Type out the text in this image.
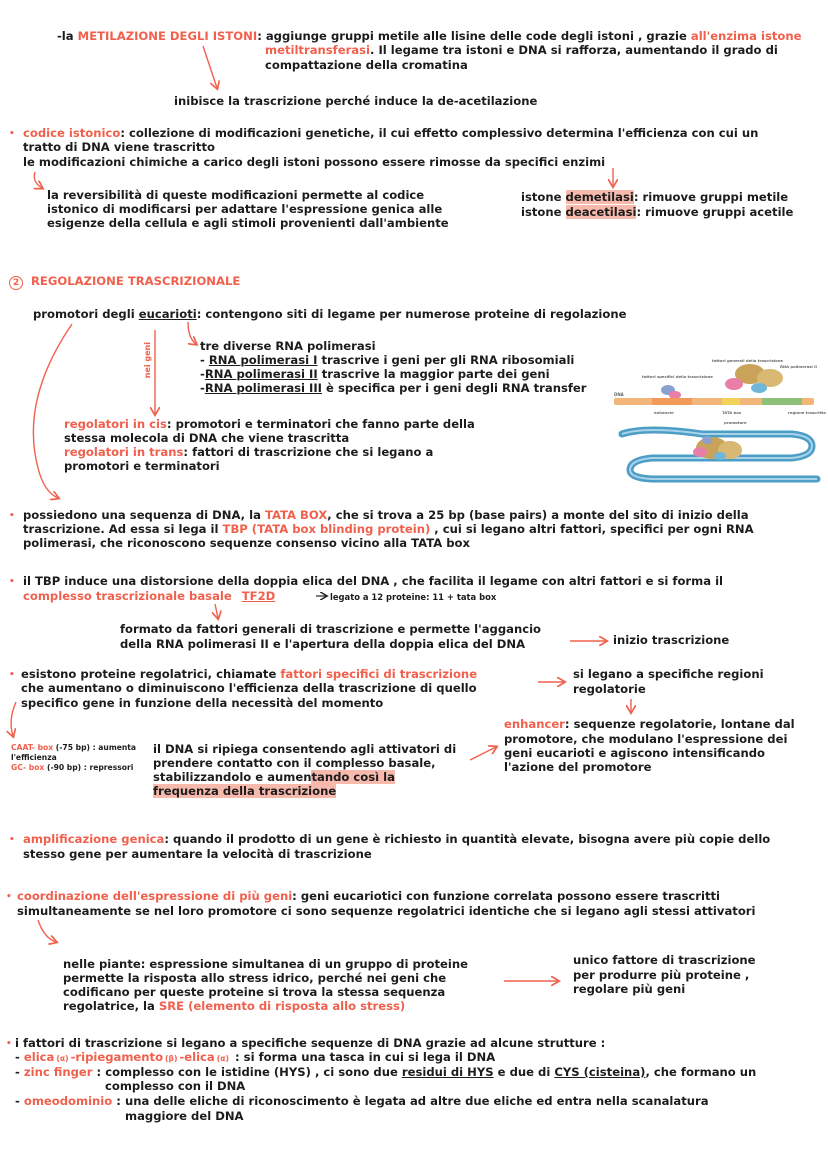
-la METILAZIONE DEGLI ISTONI: aggiunge gruppi metile alle lisine delle code degli istoni , grazie all'enzima istone
metiltransferasi. Il legame tra istoni e DNA si rafforza, aumentando il grado di
compattazione della cromatina
inibisce la trascrizione perché induce la de-acetilazione
• codice istonico: collezione di modificazioni genetiche, il cui effetto complessivo determina l'efficienza con cui un
tratto di DNA viene trascritto
le modificazioni chimiche a carico degli istoni possono essere rimosse da specifici enzimi
la reversibilità di queste modificazioni permette al codice
istonico di modificarsi per adattare l'espressione genica alle
esigenze della cellula e agli stimoli provenienti dall'ambiente
istone demetilasi: rimuove gruppi metile
istone deacetilasi: rimuove gruppi acetile
2 REGOLAZIONE TRASCRIZIONALE
promotori degli eucarioti: contengono siti di legame per numerose proteine di regolazione
nei geni	tre diverse RNA polimerasi
- RNA polimerasi I trascrive i geni per gli RNA ribosomiali
-RNA polimerasi II trascrive la maggior parte dei geni
-RNA polimerasi III è specifica per i geni degli RNA transfer
regolatori in cis: promotori e terminatori che fanno parte della
stessa molecola di DNA che viene trascritta
regolatori in trans: fattori di trascrizione che si legano a
promotori e terminatori
fattori specifici della trascrizione
fattori generali della trascrizione
RNA polimerasi II
DNA
enhancer	TATA box
promotore
regione trascritta
• possiedono una sequenza di DNA, la TATA BOX, che si trova a 25 bp (base pairs) a monte del sito di inizio della
trascrizione. Ad essa si lega il TBP (TATA box blinding protein) , cui si legano altri fattori, specifici per ogni RNA
polimerasi, che riconoscono sequenze consenso vicino alla TATA box
• il TBP induce una distorsione della doppia elica del DNA , che facilita il legame con altri fattori e si forma il
complesso trascrizionale basale TF2D	legato a 12 proteine: 11 + tata box
formato da fattori generali di trascrizione e permette l'aggancio
della RNA polimerasi II e l'apertura della doppia elica del DNA	inizio trascrizione
• esistono proteine regolatrici, chiamate fattori specifici di trascrizione
che aumentano o diminuiscono l'efficienza della trascrizione di quello
specifico gene in funzione della necessità del momento
si legano a specifiche regioni
regolatorie
enhancer: sequenze regolatorie, lontane dal
promotore, che modulano l'espressione dei
geni eucarioti e agiscono intensificando
l'azione del promotore
CAAT- box (-75 bp) : aumenta
l'efficienza
GC- box (-90 bp) : repressori
il DNA si ripiega consentendo agli attivatori di
prendere contatto con il complesso basale,
stabilizzandolo e aumentando così la
frequenza della trascrizione
• amplificazione genica: quando il prodotto di un gene è richiesto in quantità elevate, bisogna avere più copie dello
stesso gene per aumentare la velocità di trascrizione
• coordinazione dell'espressione di più geni: geni eucariotici con funzione correlata possono essere trascritti
simultaneamente se nel loro promotore ci sono sequenze regolatrici identiche che si legano agli stessi attivatori
nelle piante: espressione simultanea di un gruppo di proteine
permette la risposta allo stress idrico, perché nei geni che
codificano per queste proteine si trova la stessa sequenza
regolatrice, la SRE (elemento di risposta allo stress)
unico fattore di trascrizione
per produrre più proteine ,
regolare più geni
• i fattori di trascrizione si legano a specifiche sequenze di DNA grazie ad alcune strutture :
- elica (α) -ripiegamento (β) -elica (α) : si forma una tasca in cui si lega il DNA
- zinc finger : complesso con le istidine (HYS) , ci sono due residui di HYS e due di CYS (cisteina), che formano un
complesso con il DNA
- omeodominio : una delle eliche di riconoscimento è legata ad altre due eliche ed entra nella scanalatura
maggiore del DNA
